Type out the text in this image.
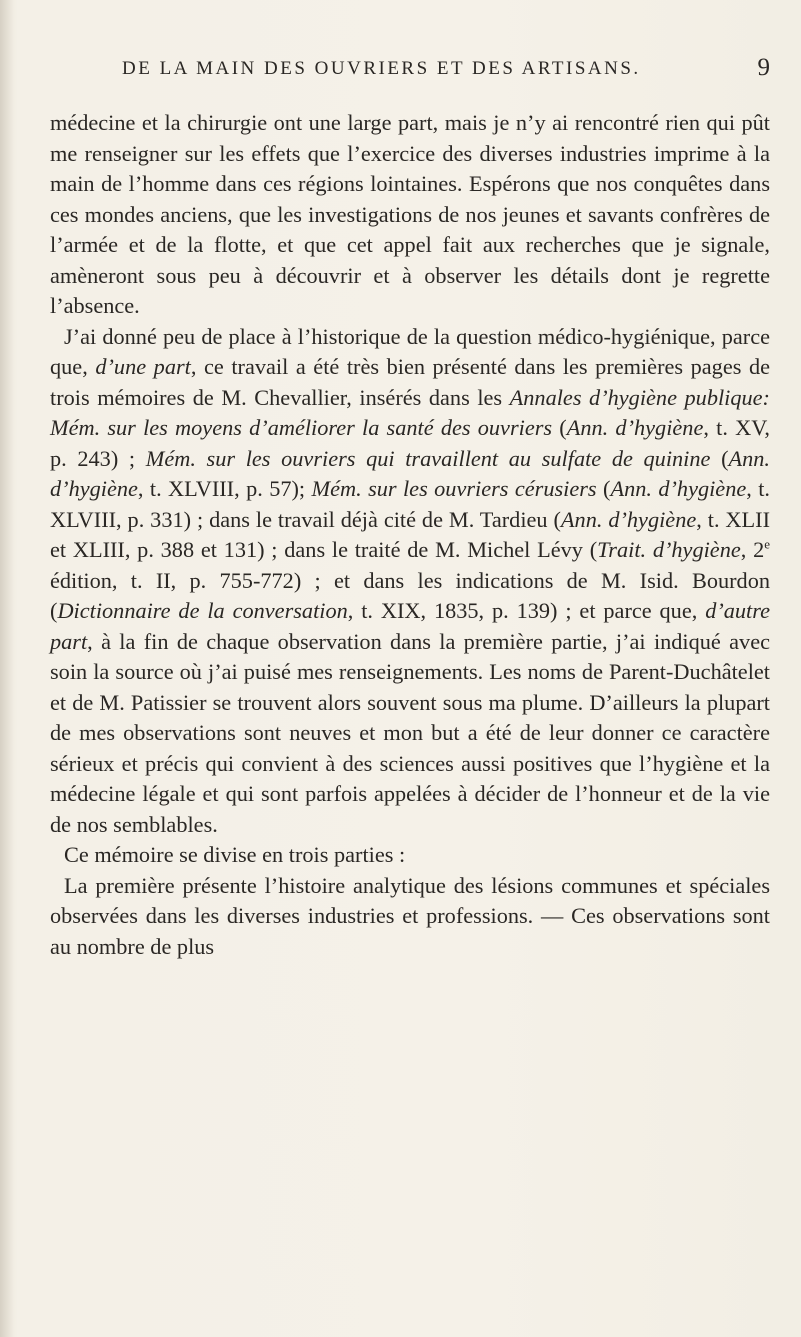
DE LA MAIN DES OUVRIERS ET DES ARTISANS.	9

médecine et la chirurgie ont une large part, mais je n’y ai rencontré rien qui pût me renseigner sur les effets que l’exercice des diverses industries imprime à la main de l’homme dans ces régions lointaines. Espérons que nos conquêtes dans ces mondes anciens, que les investigations de nos jeunes et savants confrères de l’armée et de la flotte, et que cet appel fait aux recherches que je signale, amèneront sous peu à découvrir et à observer les détails dont je regrette l’absence.

J’ai donné peu de place à l’historique de la question médico-hygiénique, parce que, d’une part, ce travail a été très bien présenté dans les premières pages de trois mémoires de M. Chevallier, insérés dans les Annales d’hygiène publique: Mém. sur les moyens d’améliorer la santé des ouvriers (Ann. d’hygiène, t. XV, p. 243) ; Mém. sur les ouvriers qui travaillent au sulfate de quinine (Ann. d’hygiène, t. XLVIII, p. 57); Mém. sur les ouvriers cérusiers (Ann. d’hygiène, t. XLVIII, p. 331) ; dans le travail déjà cité de M. Tardieu (Ann. d’hygiène, t. XLII et XLIII, p. 388 et 131) ; dans le traité de M. Michel Lévy (Trait. d’hygiène, 2e édition, t. II, p. 755-772) ; et dans les indications de M. Isid. Bourdon (Dictionnaire de la conversation, t. XIX, 1835, p. 139) ; et parce que, d’autre part, à la fin de chaque observation dans la première partie, j’ai indiqué avec soin la source où j’ai puisé mes renseignements. Les noms de Parent-Duchâtelet et de M. Patissier se trouvent alors souvent sous ma plume. D’ailleurs la plupart de mes observations sont neuves et mon but a été de leur donner ce caractère sérieux et précis qui convient à des sciences aussi positives que l’hygiène et la médecine légale et qui sont parfois appelées à décider de l’honneur et de la vie de nos semblables.

Ce mémoire se divise en trois parties :

La première présente l’histoire analytique des lésions communes et spéciales observées dans les diverses industries et professions. — Ces observations sont au nombre de plus
